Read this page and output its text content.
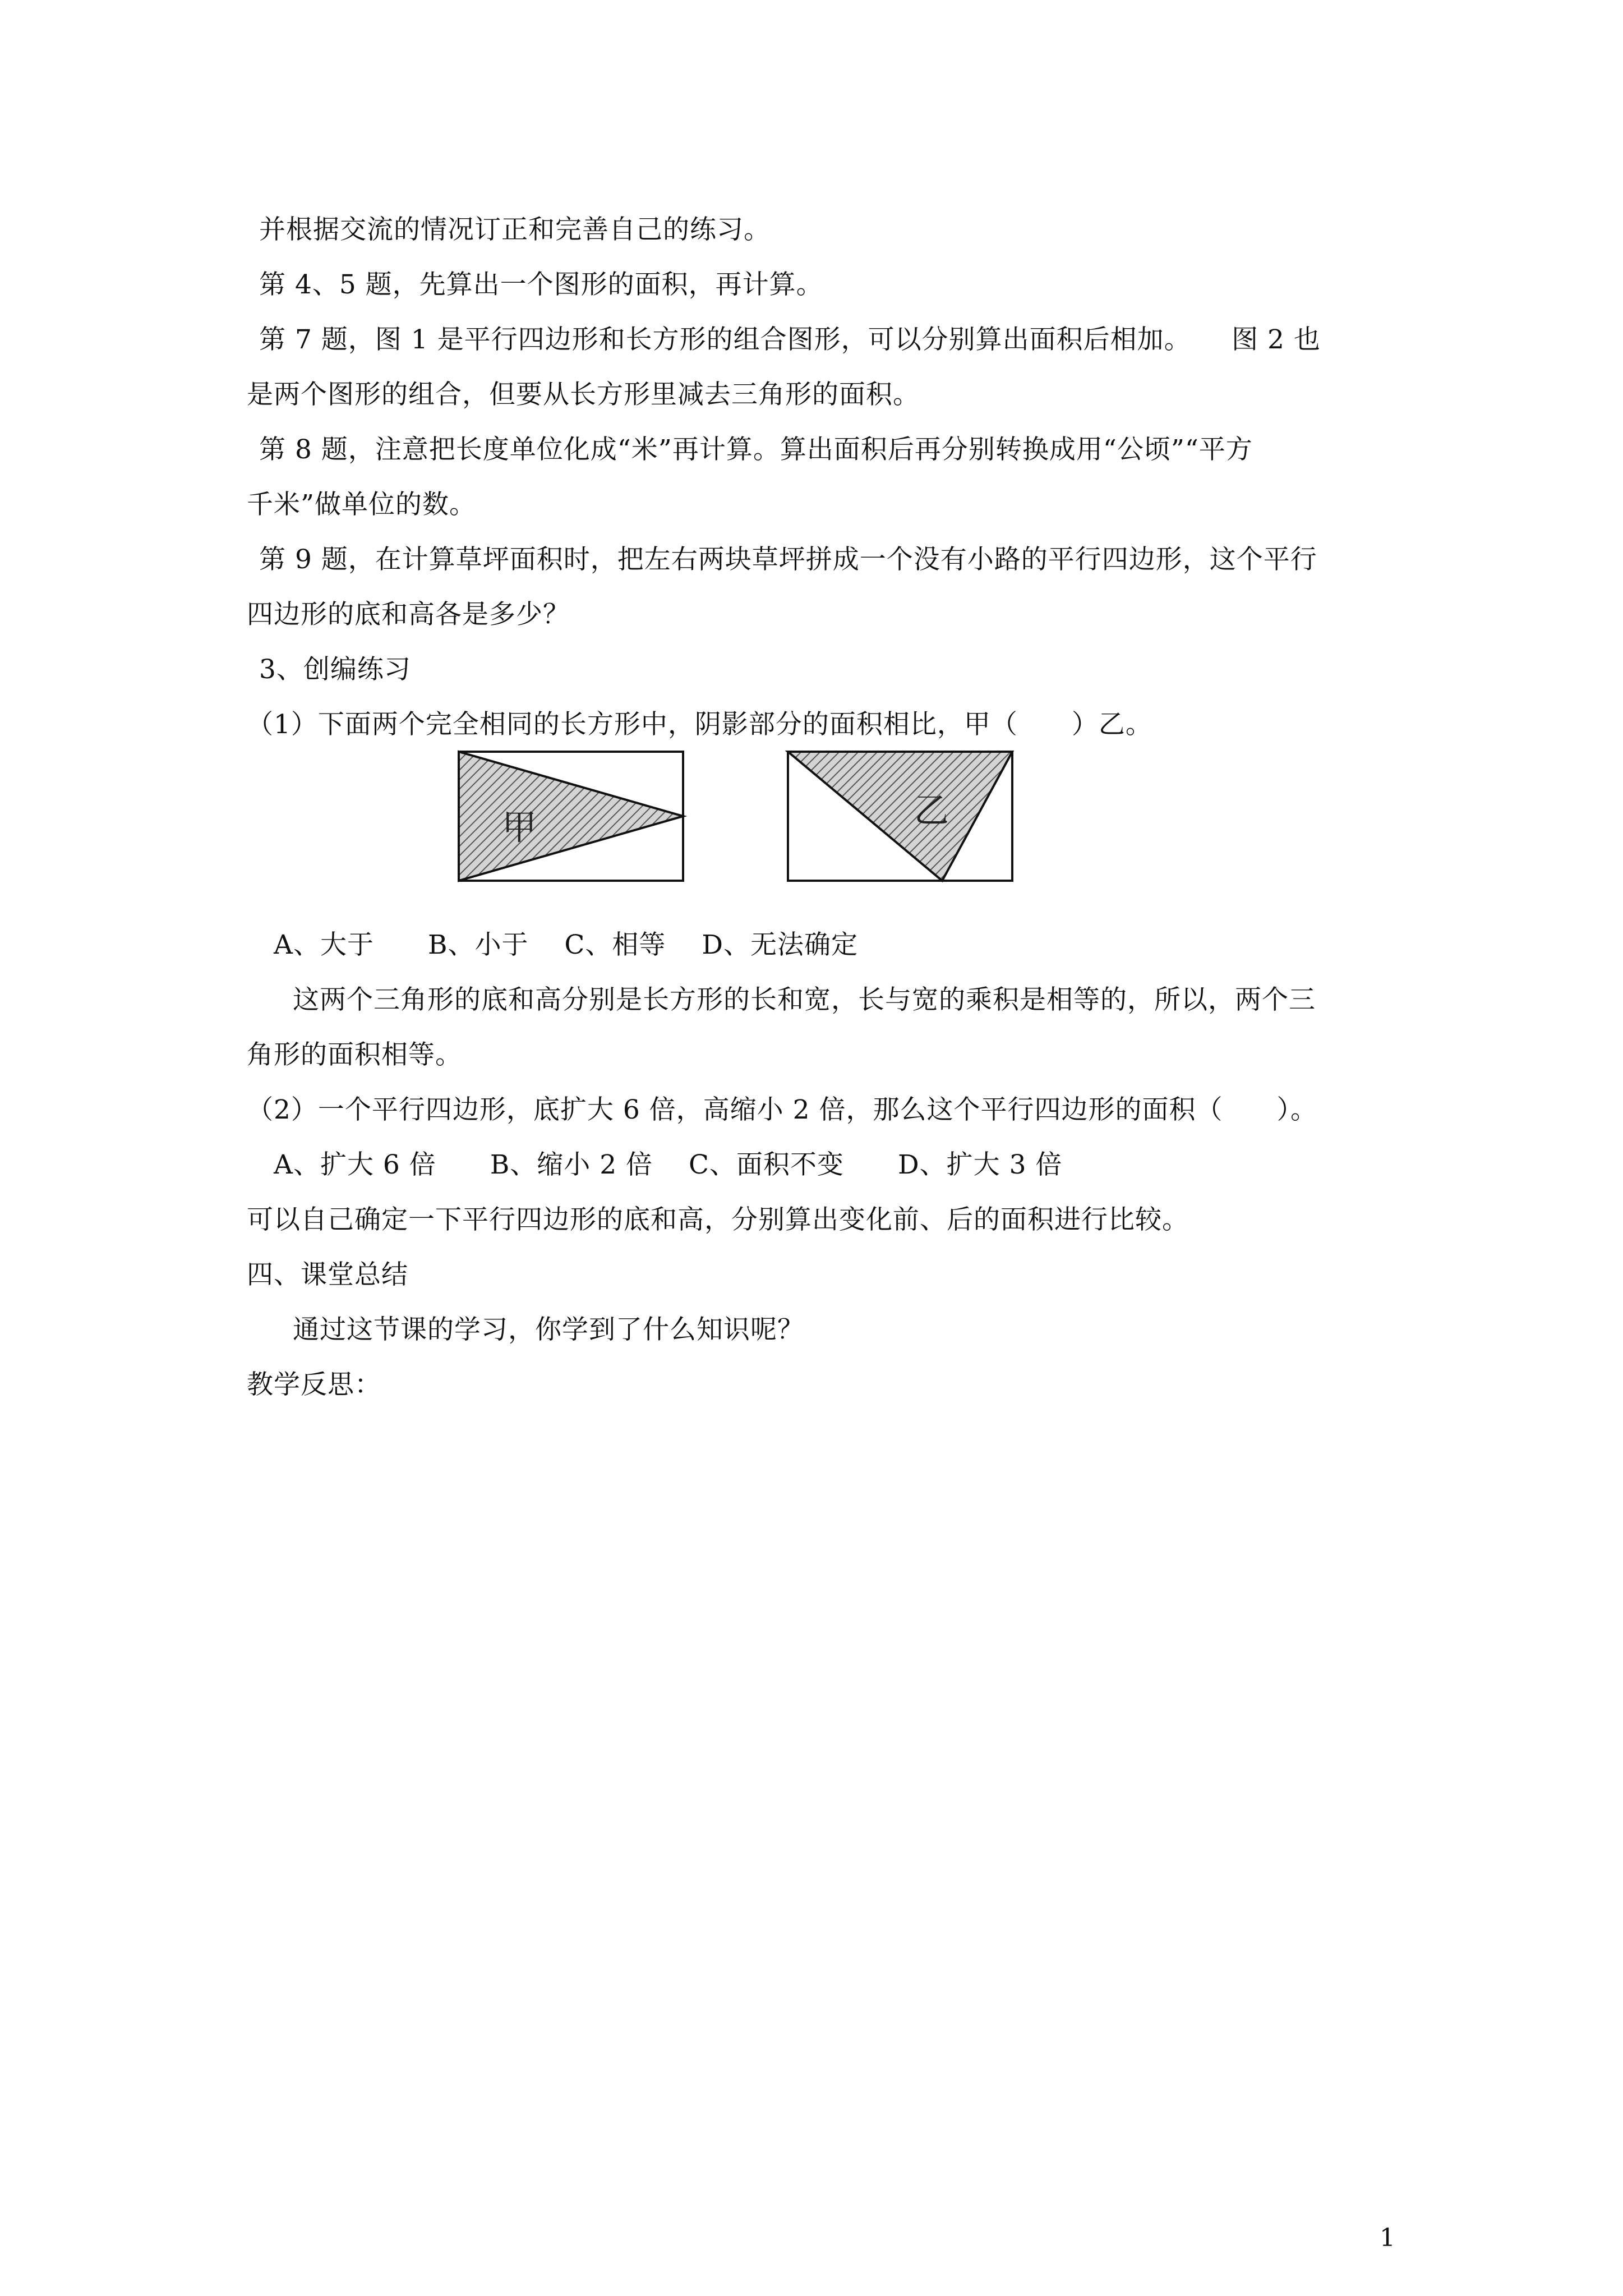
并根据交流的情况订正和完善自己的练习。
第 4、5 题，先算出一个图形的面积，再计算。
第 7 题，图 1 是平行四边形和长方形的组合图形，可以分别算出面积后相加。　　图 2 也
是两个图形的组合，但要从长方形里减去三角形的面积。
第 8 题，注意把长度单位化成“米”再计算。算出面积后再分别转换成用“公顷”“平方
千米”做单位的数。
第 9 题，在计算草坪面积时，把左右两块草坪拼成一个没有小路的平行四边形，这个平行
四边形的底和高各是多少？
3、创编练习
（1）下面两个完全相同的长方形中，阴影部分的面积相比，甲（　　）乙。
甲	乙
A、大于　　B、小于　 C、相等　 D、无法确定
这两个三角形的底和高分别是长方形的长和宽，长与宽的乘积是相等的，所以，两个三
角形的面积相等。
（2）一个平行四边形，底扩大 6 倍，高缩小 2 倍，那么这个平行四边形的面积（　　）。
A、扩大 6 倍　　B、缩小 2 倍　 C、面积不变　　D、扩大 3 倍
可以自己确定一下平行四边形的底和高，分别算出变化前、后的面积进行比较。
四、课堂总结
通过这节课的学习，你学到了什么知识呢？
教学反思：
1
